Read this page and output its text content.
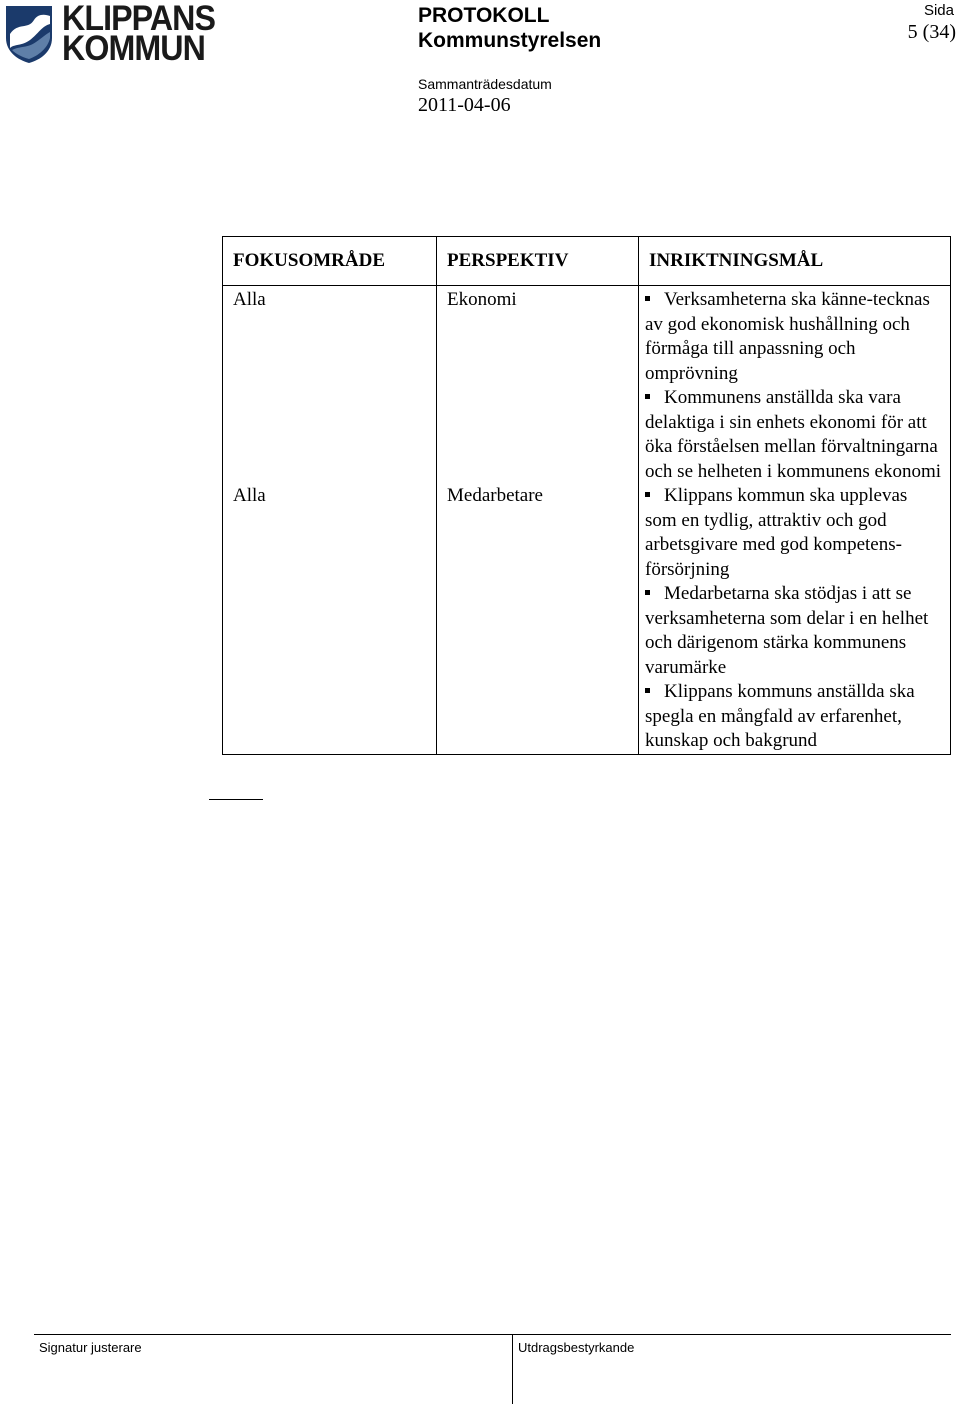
KLIPPANS
KOMMUN
PROTOKOLL
Kommunstyrelsen
Sammanträdesdatum
2011-04-06
Sida
5 (34)
FOKUSOMRÅDE	PERSPEKTIV	INRIKTNINGSMÅL
Alla	Ekonomi	Verksamheterna ska känne-tecknas av god ekonomisk hushållning och förmåga till anpassning och omprövning
Kommunens anställda ska vara delaktiga i sin enhets ekonomi för att öka förståelsen mellan förvaltningarna och se helheten i kommunens ekonomi

Alla	Medarbetare	Klippans kommun ska upplevas som en tydlig, attraktiv och god arbetsgivare med god kompetens-försörjning
Medarbetarna ska stödjas i att se verksamheterna som delar i en helhet och därigenom stärka kommunens varumärke
Klippans kommuns anställda ska spegla en mångfald av erfarenhet, kunskap och bakgrund
Signatur justerare	Utdragsbestyrkande
